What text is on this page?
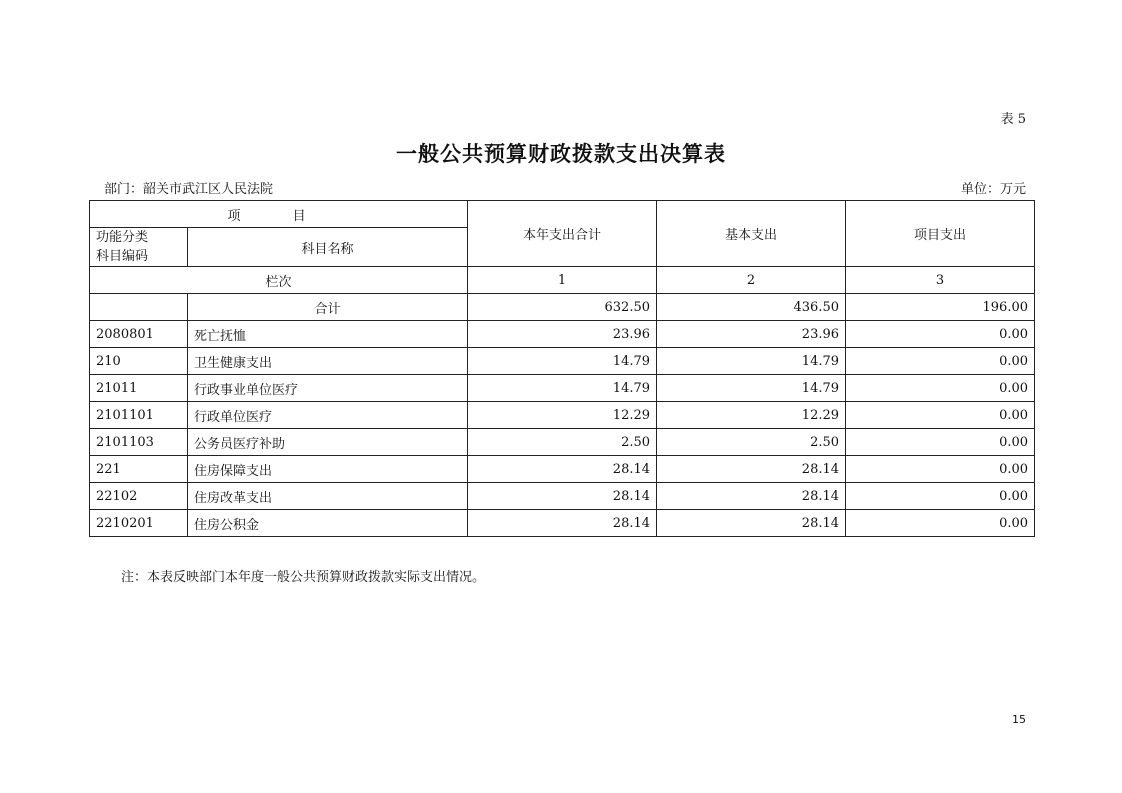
表 5
一般公共预算财政拨款支出决算表
部门：韶关市武江区人民法院	单位：万元
项 目		本年支出合计	基本支出	项目支出

功能分类
科目编码	科目名称			
栏次		1	2	3
	合计	632.50	436.50	196.00
2080801	死亡抚恤	23.96	23.96	0.00
210	卫生健康支出	14.79	14.79	0.00
21011	行政事业单位医疗	14.79	14.79	0.00
2101101	行政单位医疗	12.29	12.29	0.00
2101103	公务员医疗补助	2.50	2.50	0.00
221	住房保障支出	28.14	28.14	0.00
22102	住房改革支出	28.14	28.14	0.00
2210201	住房公积金	28.14	28.14	0.00
注：本表反映部门本年度一般公共预算财政拨款实际支出情况。
15
